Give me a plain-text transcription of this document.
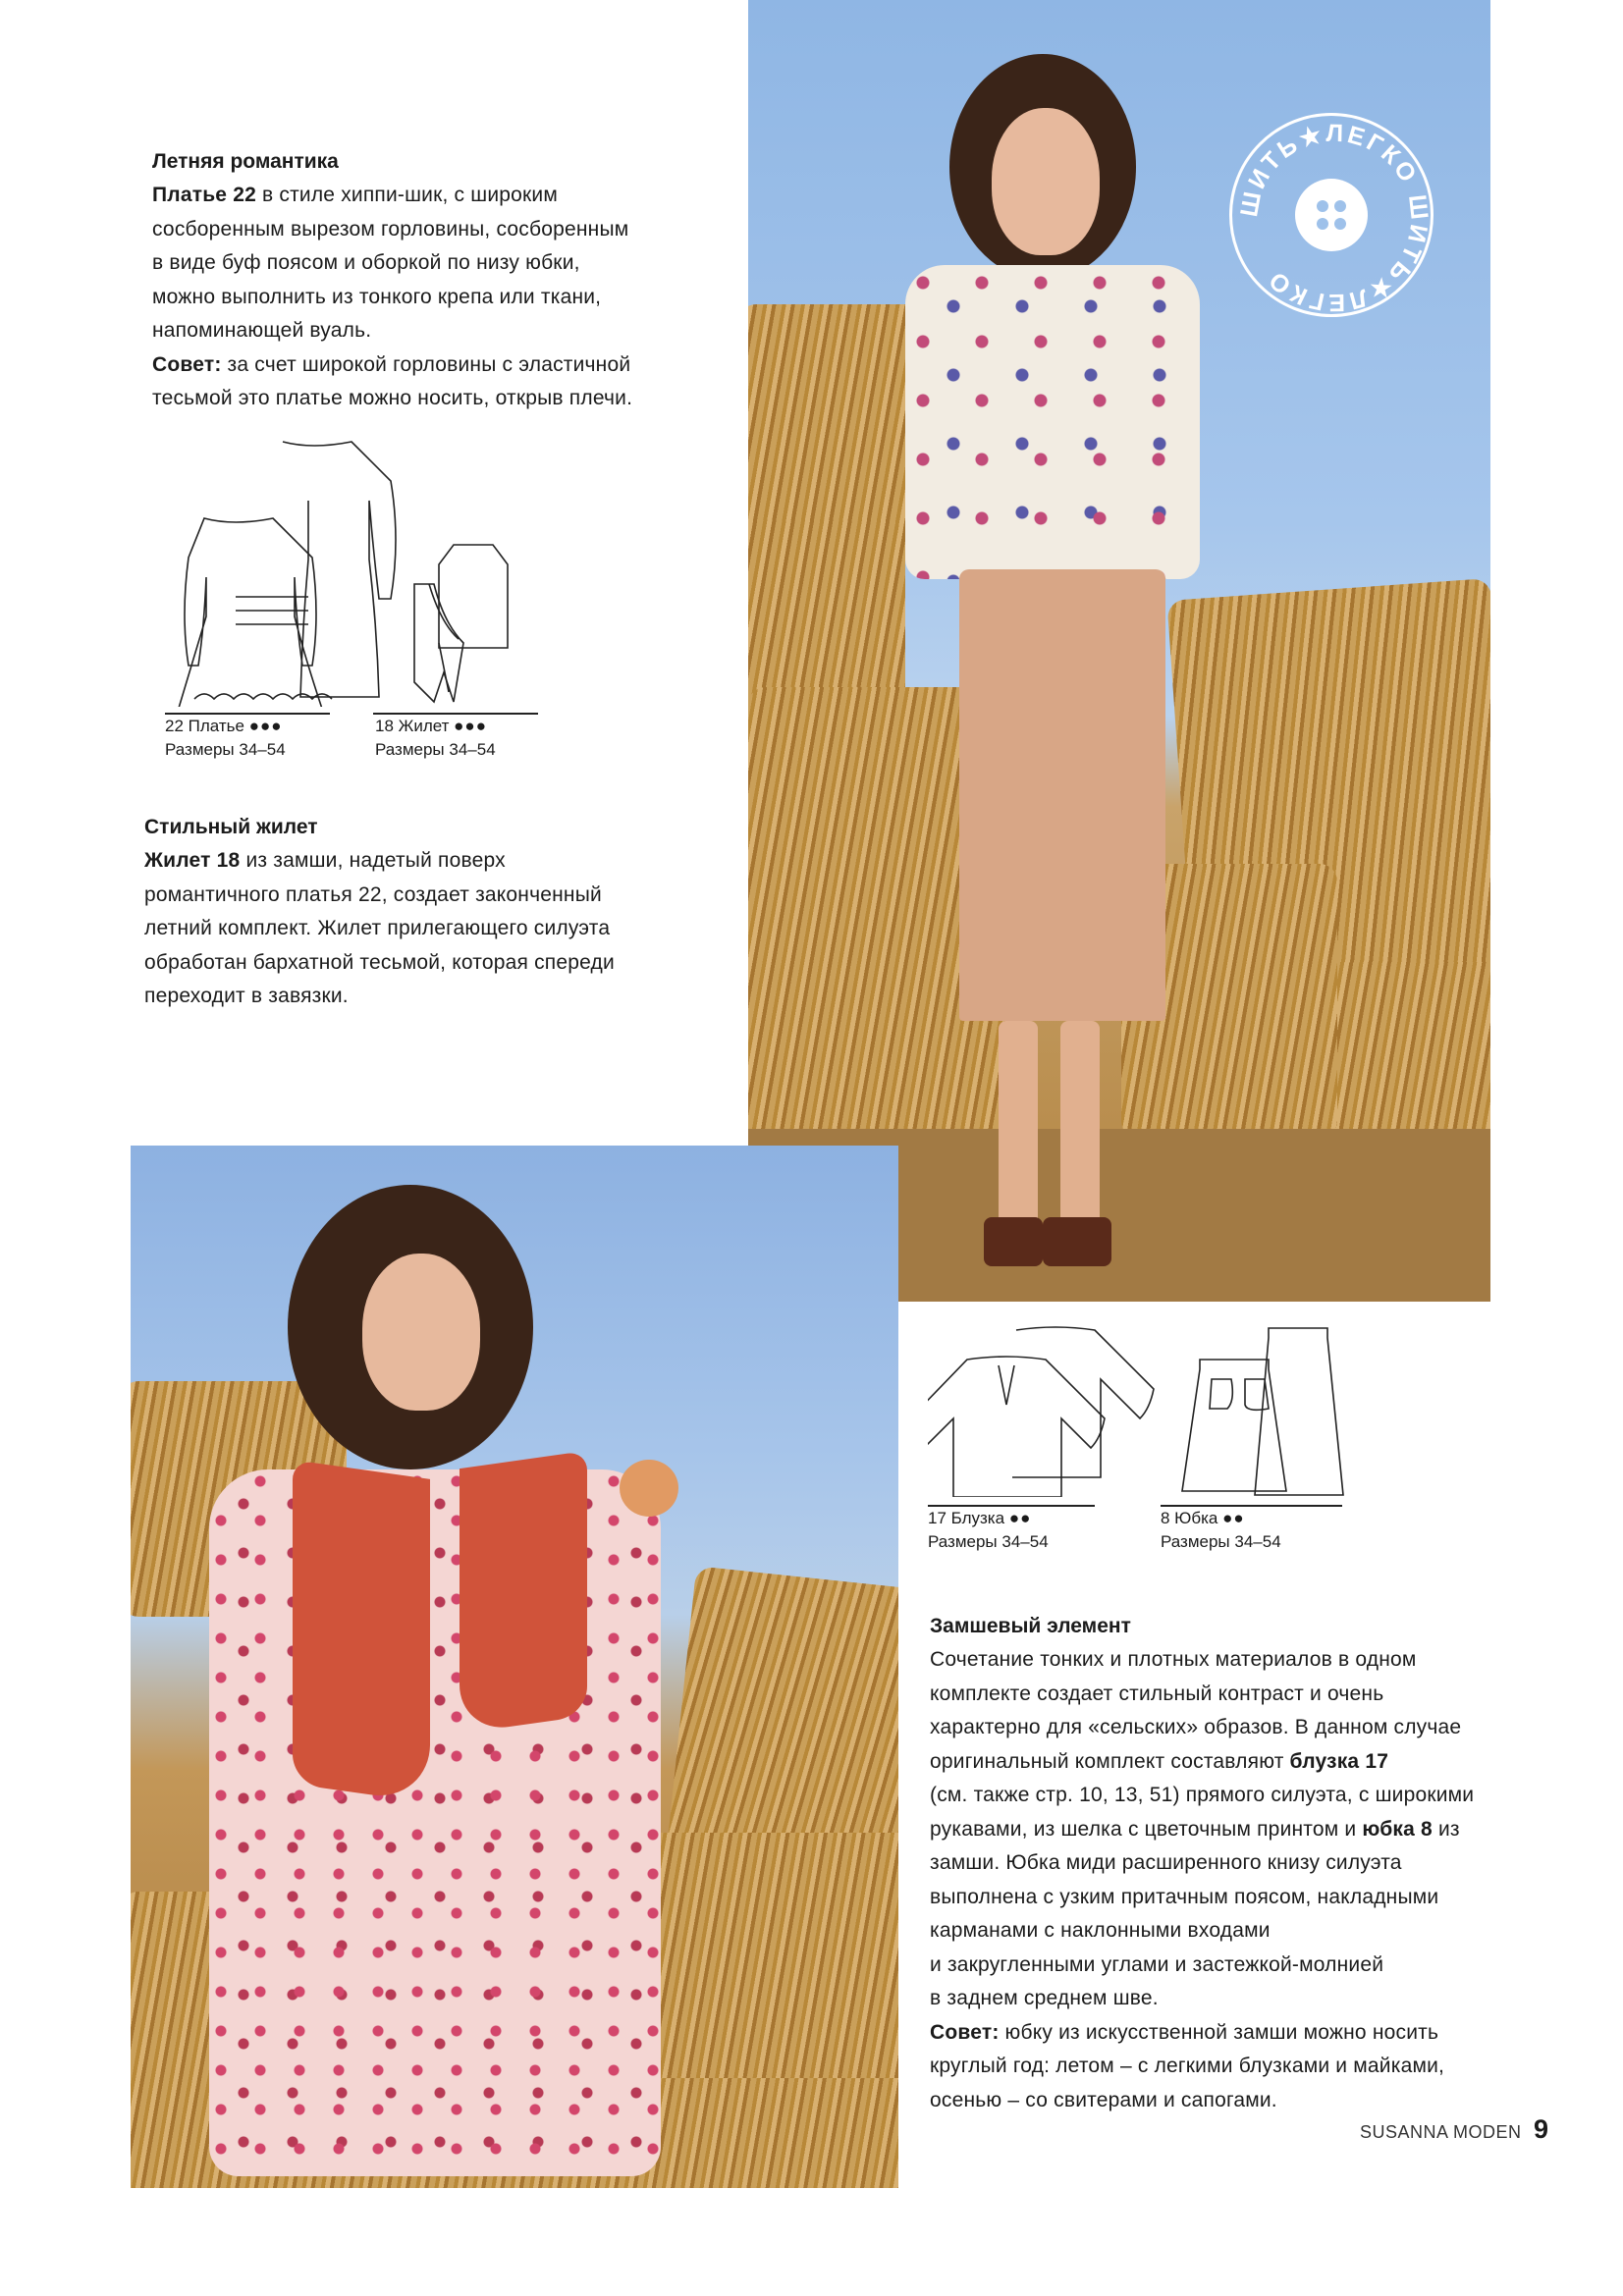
ШИТЬ★ЛЕГКО ШИТЬ★ЛЕГКО
Летняя романтика
Платье 22 в стиле хиппи-шик, с широким
сосборенным вырезом горловины, сосборенным
в виде буф поясом и оборкой по низу юбки,
можно выполнить из тонкого крепа или ткани,
напоминающей вуаль.
Совет: за счет широкой горловины с эластичной
тесьмой это платье можно носить, открыв плечи.
22 Платье ●●●
Размеры 34–54
18 Жилет ●●●
Размеры 34–54
Стильный жилет
Жилет 18 из замши, надетый поверх
романтичного платья 22, создает законченный
летний комплект. Жилет прилегающего силуэта
обработан бархатной тесьмой, которая спереди
переходит в завязки.
17 Блузка ●●
Размеры 34–54
8 Юбка ●●
Размеры 34–54
Замшевый элемент
Сочетание тонких и плотных материалов в одном
комплекте создает стильный контраст и очень
характерно для «сельских» образов. В данном случае
оригинальный комплект составляют блузка 17
(см. также стр. 10, 13, 51) прямого силуэта, с широкими
рукавами, из шелка с цветочным принтом и юбка 8 из
замши. Юбка миди расширенного книзу силуэта
выполнена с узким притачным поясом, накладными
карманами с наклонными входами
и закругленными углами и застежкой-молнией
в заднем среднем шве.
Совет: юбку из искусственной замши можно носить
круглый год: летом – с легкими блузками и майками,
осенью – со свитерами и сапогами.
SUSANNA MODEN 9
